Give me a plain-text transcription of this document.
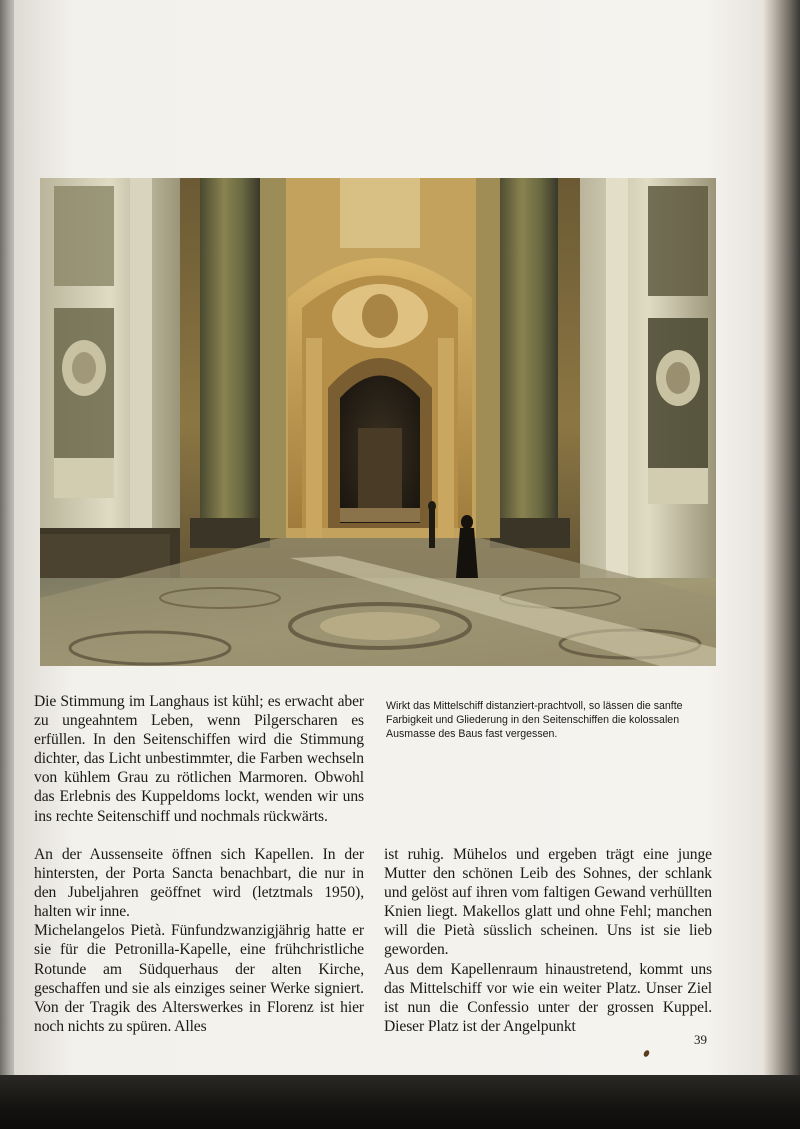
Die Stimmung im Langhaus ist kühl; es erwacht aber zu ungeahntem Leben, wenn Pilgerscharen es erfüllen. In den Seitenschiffen wird die Stimmung dichter, das Licht unbestimmter, die Farben wechseln von kühlem Grau zu rötlichen Marmoren. Obwohl das Erlebnis des Kuppeldoms lockt, wenden wir uns ins rechte Seitenschiff und nochmals rückwärts.

Wirkt das Mittelschiff distanziert-prachtvoll, so lässen die sanfte Farbigkeit und Gliederung in den Seitenschiffen die kolossalen Ausmasse des Baus fast vergessen.

An der Aussenseite öffnen sich Kapellen. In der hintersten, der Porta Sancta benachbart, die nur in den Jubeljahren geöffnet wird (letztmals 1950), halten wir inne.

Michelangelos Pietà. Fünfundzwanzigjährig hatte er sie für die Petronilla-Kapelle, eine frühchristliche Rotunde am Südquerhaus der alten Kirche, geschaffen und sie als einziges seiner Werke signiert. Von der Tragik des Alterswerkes in Florenz ist hier noch nichts zu spüren. Alles

ist ruhig. Mühelos und ergeben trägt eine junge Mutter den schönen Leib des Sohnes, der schlank und gelöst auf ihren vom faltigen Gewand verhüllten Knien liegt. Makellos glatt und ohne Fehl; manchen will die Pietà süsslich scheinen. Uns ist sie lieb geworden.

Aus dem Kapellenraum hinaustretend, kommt uns das Mittelschiff vor wie ein weiter Platz. Unser Ziel ist nun die Confessio unter der grossen Kuppel. Dieser Platz ist der Angelpunkt

39
